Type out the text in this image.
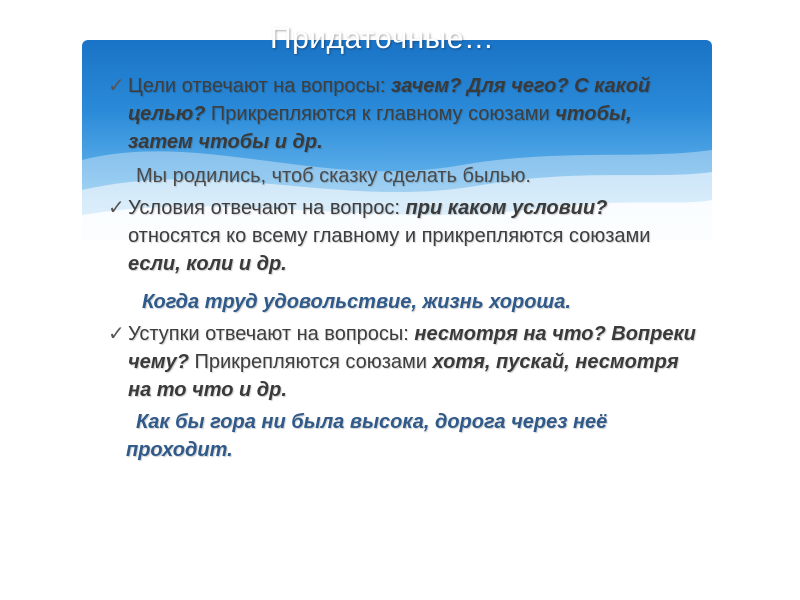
Придаточные…
✓ Цели отвечают на вопросы: зачем? Для чего? С какой целью? Прикрепляются к главному союзами чтобы, затем чтобы и др.
Мы родились, чтоб сказку сделать былью.
✓ Условия отвечают на вопрос: при каком условии? относятся ко всему главному и прикрепляются союзами если, коли и др.
Когда труд удовольствие, жизнь хороша.
✓ Уступки отвечают на вопросы: несмотря на что? Вопреки чему? Прикрепляются союзами хотя, пускай, несмотря на то что и др.
Как бы гора ни была высока, дорога через неё проходит.
